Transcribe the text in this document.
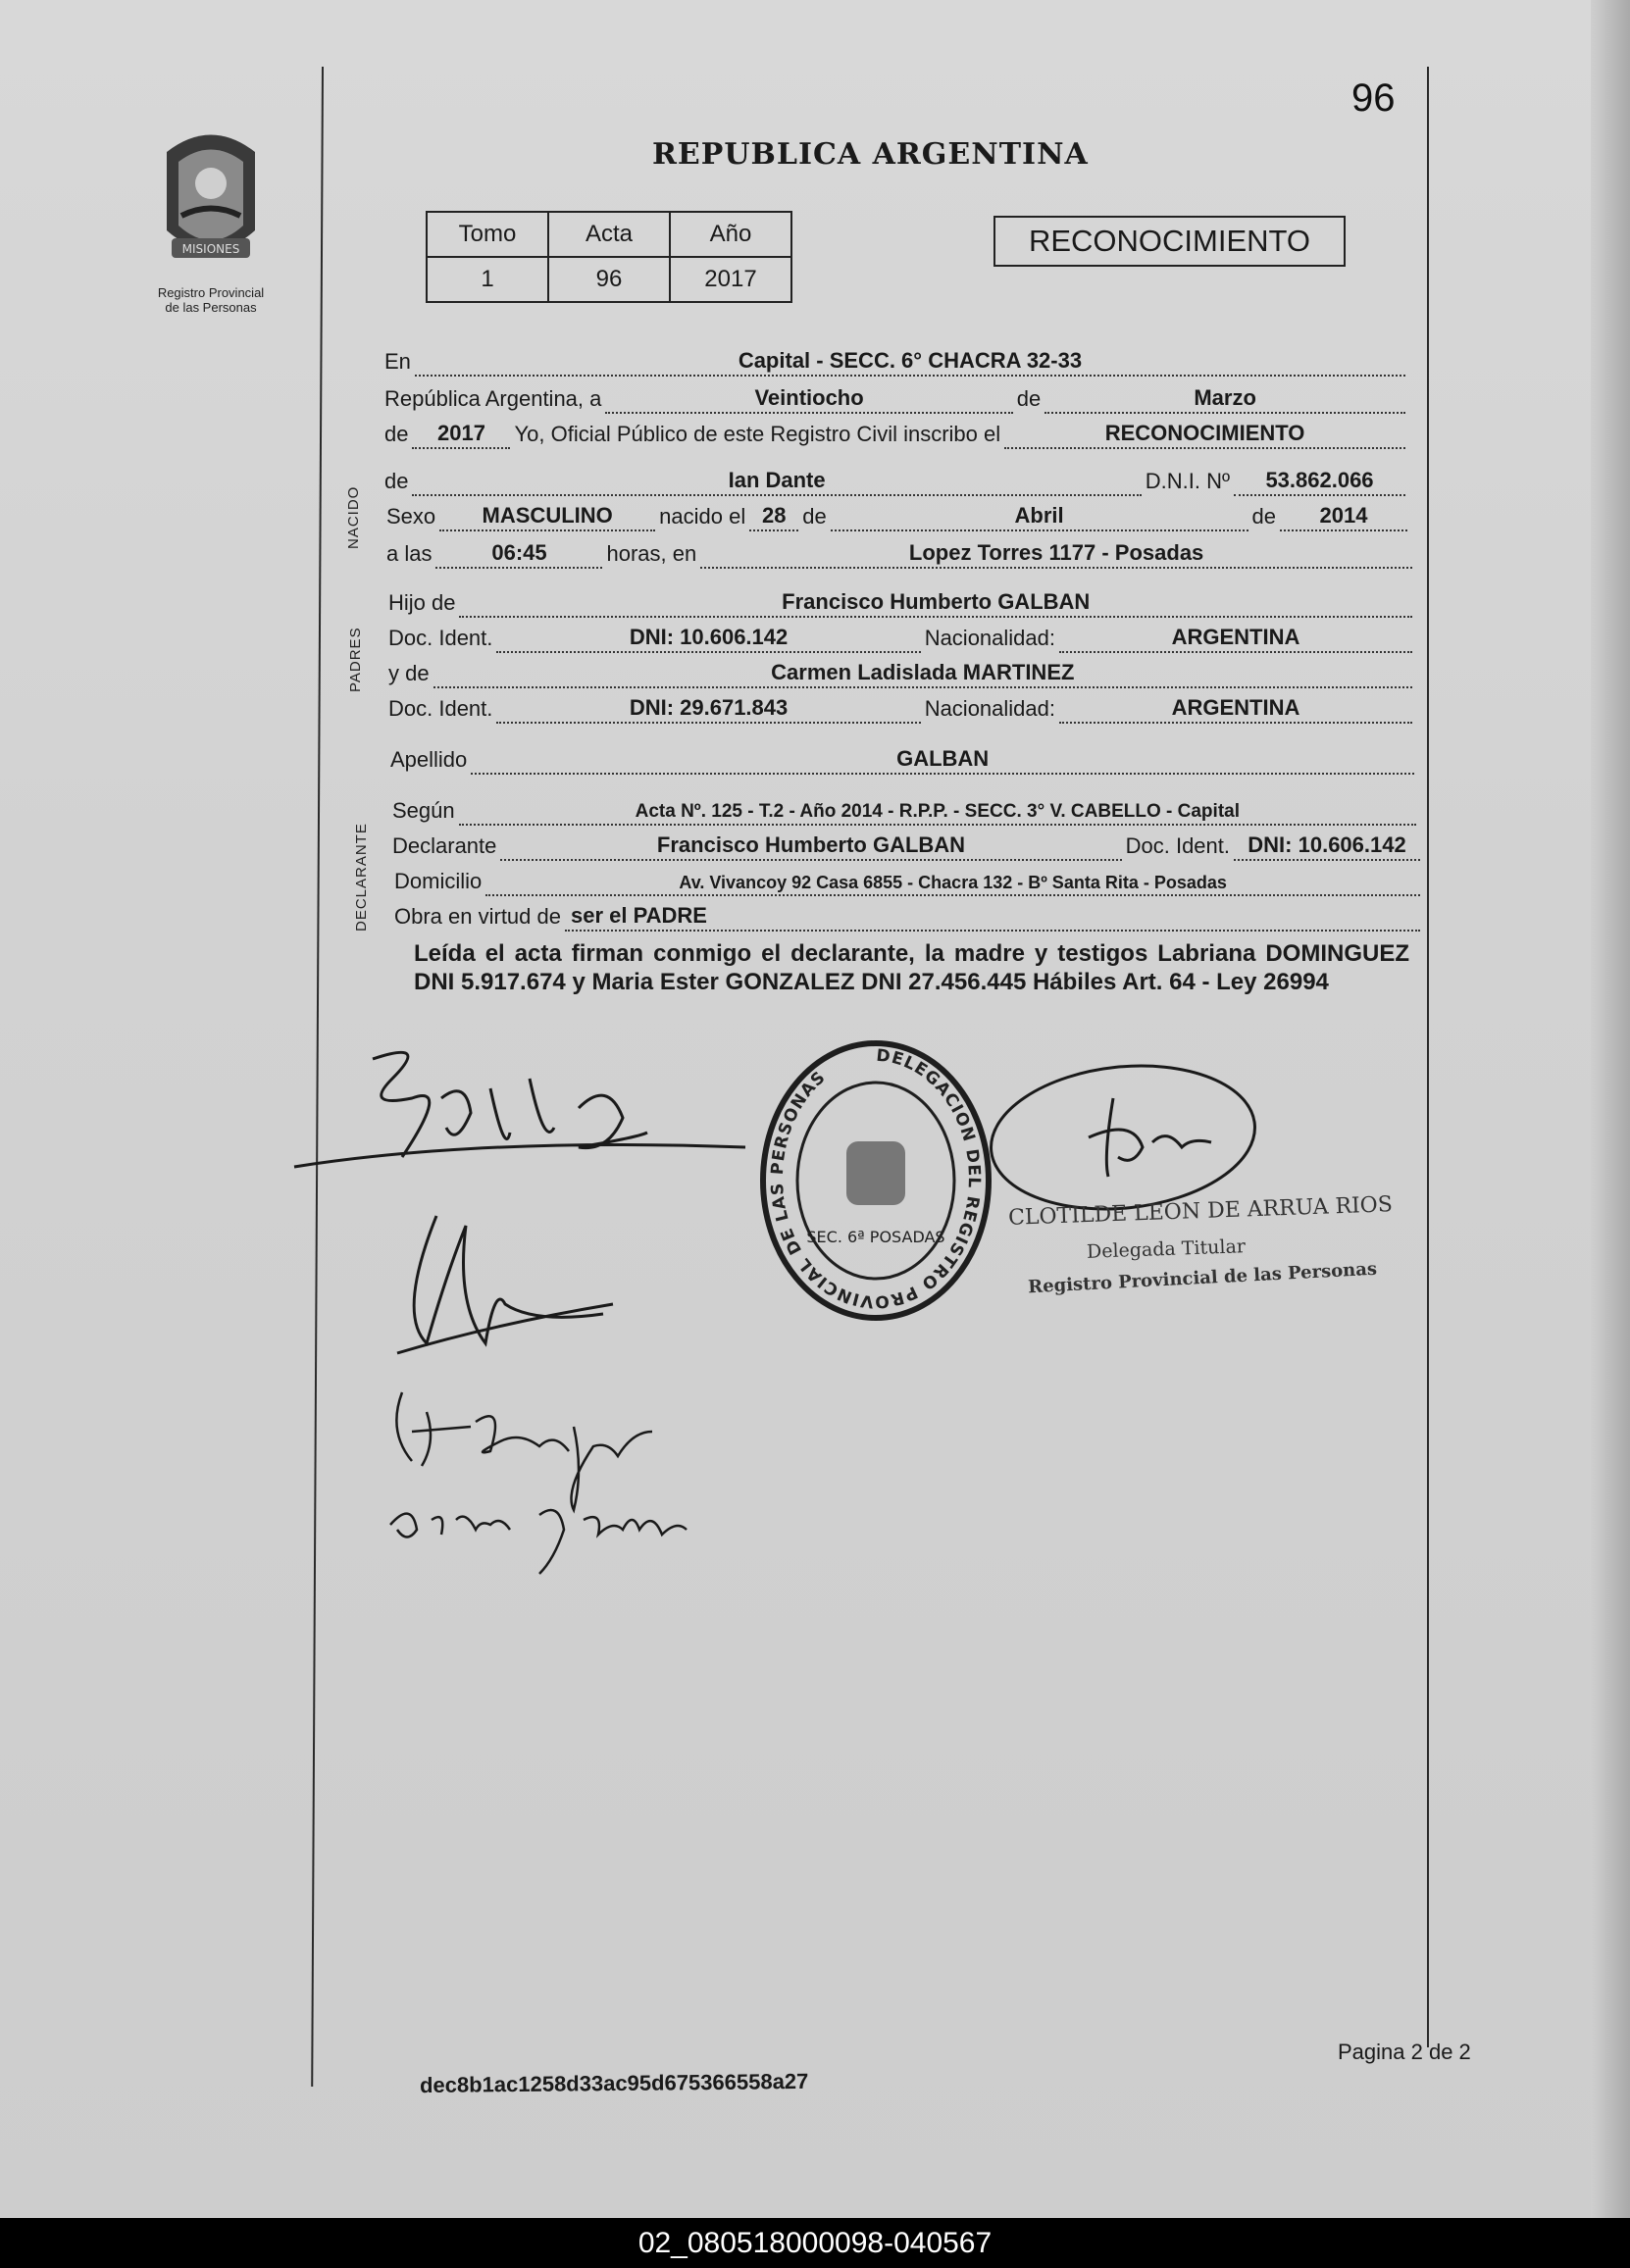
MISIONES
Registro Provincial
de las Personas
96
REPUBLICA ARGENTINA
Tomo	Acta	Año
1	96	2017
RECONOCIMIENTO
NACIDO
PADRES
DECLARANTE
En	Capital - SECC. 6° CHACRA 32-33
República Argentina, a	Veintiocho	de	Marzo
de	2017	Yo, Oficial Público de este Registro Civil inscribo el	RECONOCIMIENTO
de	Ian Dante	D.N.I. Nº	53.862.066
Sexo	MASCULINO	nacido el 28 de	Abril	de	2014
a las	06:45	horas, en	Lopez Torres 1177 - Posadas
Hijo de	Francisco Humberto GALBAN
Doc. Ident.	DNI: 10.606.142	Nacionalidad:	ARGENTINA
y de	Carmen Ladislada MARTINEZ
Doc. Ident.	DNI: 29.671.843	Nacionalidad:	ARGENTINA
Apellido	GALBAN
Según	Acta Nº. 125 - T.2 - Año 2014 - R.P.P. - SECC. 3° V. CABELLO - Capital
Declarante	Francisco Humberto GALBAN	Doc. Ident. DNI: 10.606.142
Domicilio	Av. Vivancoy 92 Casa 6855 - Chacra 132 - Bº Santa Rita - Posadas
Obra en virtud de ser el PADRE
Leída el acta firman conmigo el declarante, la madre y testigos Labriana DOMINGUEZ DNI 5.917.674 y Maria Ester GONZALEZ DNI 27.456.445 Hábiles Art. 64 - Ley 26994
DELEGACION DEL REGISTRO PROVINCIAL DE LAS PERSONAS
SEC. 6ª POSADAS
CLOTILDE LEON DE ARRUA RIOS
Delegada Titular
Registro Provincial de las Personas
Pagina 2 de 2
dec8b1ac1258d33ac95d675366558a27
02_080518000098-040567
